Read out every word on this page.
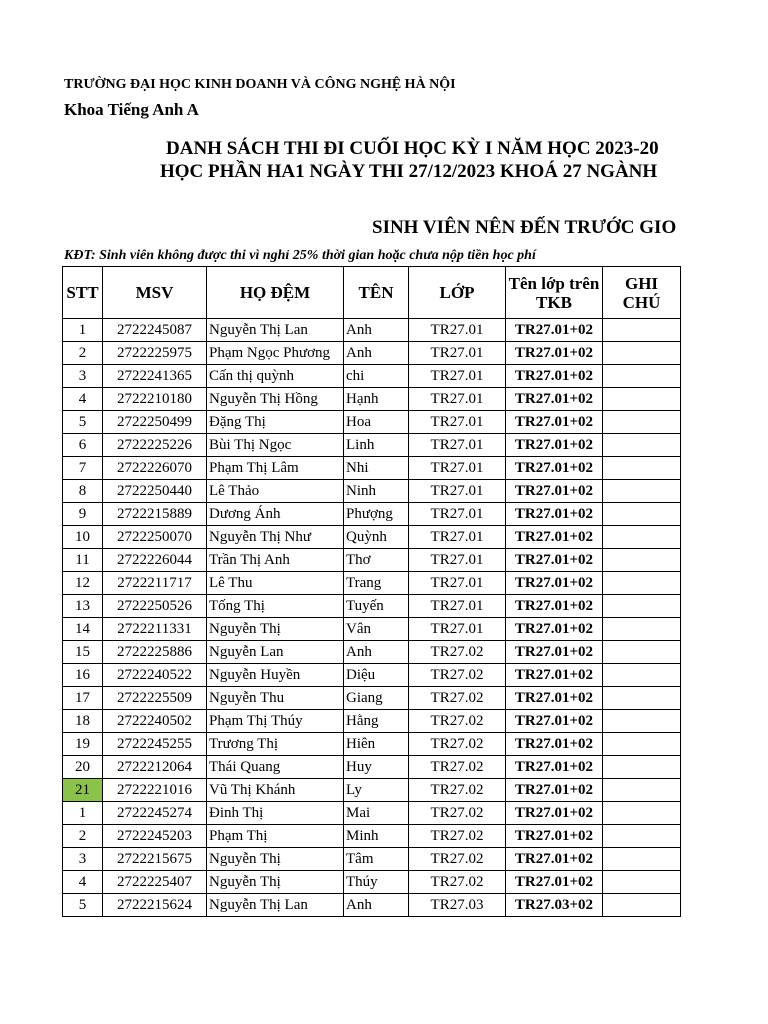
TRƯỜNG ĐẠI HỌC KINH DOANH VÀ CÔNG NGHỆ HÀ NỘI
Khoa Tiếng Anh A
DANH SÁCH THI ĐI CUỐI HỌC KỲ I NĂM HỌC 2023-20
HỌC PHẦN HA1 NGÀY THI 27/12/2023 KHOÁ 27 NGÀNH
SINH VIÊN NÊN ĐẾN TRƯỚC GIO
KĐT: Sinh viên không được thi vì nghỉ 25% thời gian hoặc chưa nộp tiền học phí
STT	MSV	HỌ ĐỆM	TÊN	LỚP	Tên lớp trên TKB	GHI CHÚ
1	2722245087	Nguyễn Thị Lan	Anh	TR27.01	TR27.01+02	
2	2722225975	Phạm Ngọc Phương	Anh	TR27.01	TR27.01+02	
3	2722241365	Cấn thị quỳnh	chi	TR27.01	TR27.01+02	
4	2722210180	Nguyễn Thị Hồng	Hạnh	TR27.01	TR27.01+02	
5	2722250499	Đặng Thị	Hoa	TR27.01	TR27.01+02	
6	2722225226	Bùi Thị Ngọc	Linh	TR27.01	TR27.01+02	
7	2722226070	Phạm Thị Lâm	Nhi	TR27.01	TR27.01+02	
8	2722250440	Lê Thảo	Ninh	TR27.01	TR27.01+02	
9	2722215889	Dương Ánh	Phượng	TR27.01	TR27.01+02	
10	2722250070	Nguyễn Thị Như	Quỳnh	TR27.01	TR27.01+02	
11	2722226044	Trần Thị Anh	Thơ	TR27.01	TR27.01+02	
12	2722211717	Lê Thu	Trang	TR27.01	TR27.01+02	
13	2722250526	Tống Thị	Tuyến	TR27.01	TR27.01+02	
14	2722211331	Nguyễn Thị	Vân	TR27.01	TR27.01+02	
15	2722225886	Nguyễn Lan	Anh	TR27.02	TR27.01+02	
16	2722240522	Nguyễn Huyền	Diệu	TR27.02	TR27.01+02	
17	2722225509	Nguyễn Thu	Giang	TR27.02	TR27.01+02	
18	2722240502	Phạm Thị Thúy	Hằng	TR27.02	TR27.01+02	
19	2722245255	Trương Thị	Hiên	TR27.02	TR27.01+02	
20	2722212064	Thái Quang	Huy	TR27.02	TR27.01+02	
21	2722221016	Vũ Thị Khánh	Ly	TR27.02	TR27.01+02	
1	2722245274	Đinh Thị	Mai	TR27.02	TR27.01+02	
2	2722245203	Phạm Thị	Minh	TR27.02	TR27.01+02	
3	2722215675	Nguyễn Thị	Tâm	TR27.02	TR27.01+02	
4	2722225407	Nguyễn Thị	Thúy	TR27.02	TR27.01+02	
5	2722215624	Nguyễn Thị Lan	Anh	TR27.03	TR27.03+02	
